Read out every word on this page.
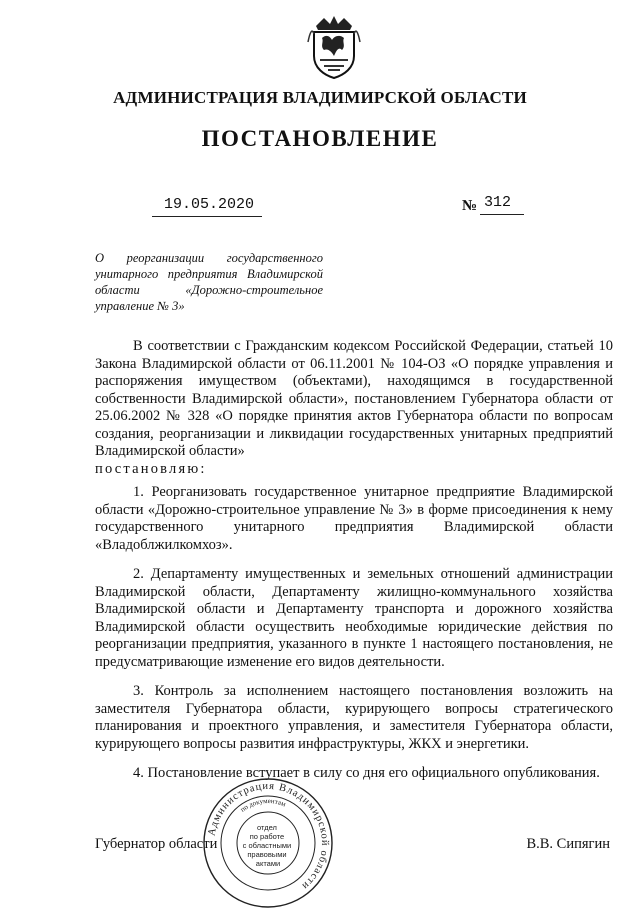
АДМИНИСТРАЦИЯ ВЛАДИМИРСКОЙ ОБЛАСТИ
ПОСТАНОВЛЕНИЕ
19.05.2020	№ 312
О реорганизации государственного унитарного предприятия Владимирской области «Дорожно-строительное управление № 3»

В соответствии с Гражданским кодексом Российской Федерации, статьей 10 Закона Владимирской области от 06.11.2001 № 104-ОЗ «О порядке управления и распоряжения имуществом (объектами), находящимся в государственной собственности Владимирской области», постановлением Губернатора области от 25.06.2002 № 328 «О порядке принятия актов Губернатора области по вопросам создания, реорганизации и ликвидации государственных унитарных предприятий Владимирской области»
постановляю:

1. Реорганизовать государственное унитарное предприятие Владимирской области «Дорожно-строительное управление № 3» в форме присоединения к нему государственного унитарного предприятия Владимирской области «Владоблжилкомхоз».

2. Департаменту имущественных и земельных отношений администрации Владимирской области, Департаменту жилищно-коммунального хозяйства Владимирской области и Департаменту транспорта и дорожного хозяйства Владимирской области осуществить необходимые юридические действия по реорганизации предприятия, указанного в пункте 1 настоящего постановления, не предусматривающие изменение его видов деятельности.

3. Контроль за исполнением настоящего постановления возложить на заместителя Губернатора области, курирующего вопросы стратегического планирования и проектного управления, и заместителя Губернатора области, курирующего вопросы развития инфраструктуры, ЖКХ и энергетики.

4. Постановление вступает в силу со дня его официального опубликования.

Губернатор области	В.В. Сипягин
Администрация Владимирской области
по документам
отдел по работе с областными правовыми актами
